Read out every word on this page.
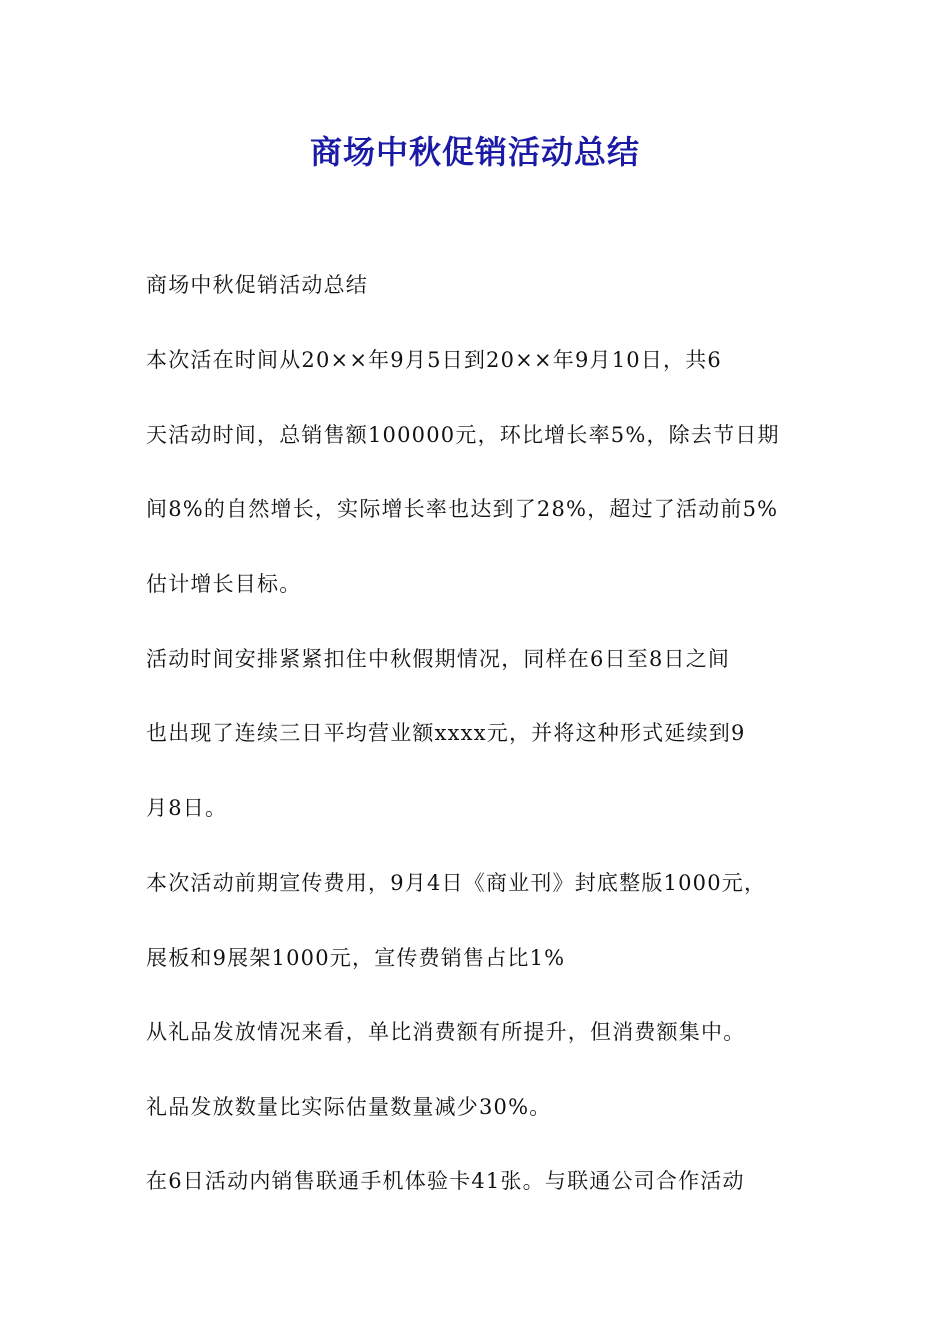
商场中秋促销活动总结
商场中秋促销活动总结
本次活在时间从20××年9月5日到20××年9月10日，共6
天活动时间，总销售额100000元，环比增长率5%，除去节日期
间8%的自然增长，实际增长率也达到了28%，超过了活动前5%
估计增长目标。
活动时间安排紧紧扣住中秋假期情况，同样在6日至8日之间
也出现了连续三日平均营业额xxxx元，并将这种形式延续到9
月8日。
本次活动前期宣传费用，9月4日《商业刊》封底整版1000元，
展板和9展架1000元，宣传费销售占比1%
从礼品发放情况来看，单比消费额有所提升，但消费额集中。
礼品发放数量比实际估量数量减少30%。
在6日活动内销售联通手机体验卡41张。与联通公司合作活动
